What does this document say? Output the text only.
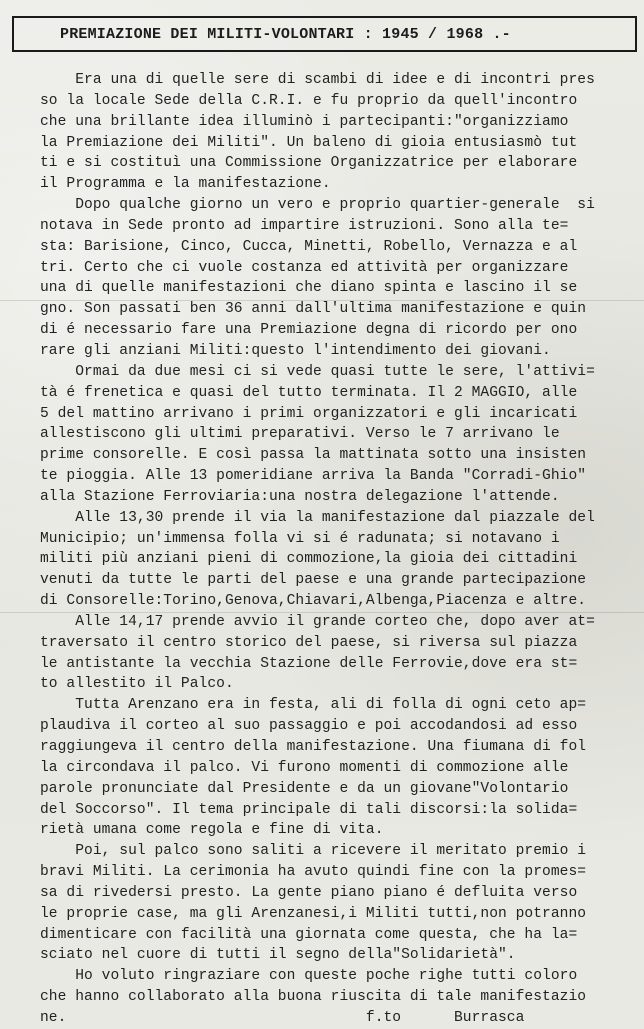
PREMIAZIONE DEI MILITI-VOLONTARI : 1945 / 1968 .-
Era una di quelle sere di scambi di idee e di incontri pres
so la locale Sede della C.R.I. e fu proprio da quell'incontro
che una brillante idea illuminò i partecipanti:"organizziamo
la Premiazione dei Militi". Un baleno di gioia entusiasmò tut
ti e si costituì una Commissione Organizzatrice per elaborare
il Programma e la manifestazione.
Dopo qualche giorno un vero e proprio quartier-generale  si
notava in Sede pronto ad impartire istruzioni. Sono alla te=
sta: Barisione, Cinco, Cucca, Minetti, Robello, Vernazza e al
tri. Certo che ci vuole costanza ed attività per organizzare
una di quelle manifestazioni che diano spinta e lascino il se
gno. Son passati ben 36 anni dall'ultima manifestazione e quin
di é necessario fare una Premiazione degna di ricordo per ono
rare gli anziani Militi:questo l'intendimento dei giovani.
Ormai da due mesi ci si vede quasi tutte le sere, l'attivi=
tà é frenetica e quasi del tutto terminata. Il 2 MAGGIO, alle
5 del mattino arrivano i primi organizzatori e gli incaricati
allestiscono gli ultimi preparativi. Verso le 7 arrivano le
prime consorelle. E così passa la mattinata sotto una insisten
te pioggia. Alle 13 pomeridiane arriva la Banda "Corradi-Ghio"
alla Stazione Ferroviaria:una nostra delegazione l'attende.
Alle 13,30 prende il via la manifestazione dal piazzale del
Municipio; un'immensa folla vi si é radunata; si notavano i
militi più anziani pieni di commozione,la gioia dei cittadini
venuti da tutte le parti del paese e una grande partecipazione
di Consorelle:Torino,Genova,Chiavari,Albenga,Piacenza e altre.
Alle 14,17 prende avvio il grande corteo che, dopo aver at=
traversato il centro storico del paese, si riversa sul piazza
le antistante la vecchia Stazione delle Ferrovie,dove era st=
to allestito il Palco.
Tutta Arenzano era in festa, ali di folla di ogni ceto ap=
plaudiva il corteo al suo passaggio e poi accodandosi ad esso
raggiungeva il centro della manifestazione. Una fiumana di fol
la circondava il palco. Vi furono momenti di commozione alle
parole pronunciate dal Presidente e da un giovane"Volontario
del Soccorso". Il tema principale di tali discorsi:la solida=
rietà umana come regola e fine di vita.
Poi, sul palco sono saliti a ricevere il meritato premio i
bravi Militi. La cerimonia ha avuto quindi fine con la promes=
sa di rivedersi presto. La gente piano piano é defluita verso
le proprie case, ma gli Arenzanesi,i Militi tutti,non potranno
dimenticare con facilità una giornata come questa, che ha la=
sciato nel cuore di tutti il segno della"Solidarietà".
Ho voluto ringraziare con queste poche righe tutti coloro
che hanno collaborato alla buona riuscita di tale manifestazio
ne.                                  f.to      Burrasca
